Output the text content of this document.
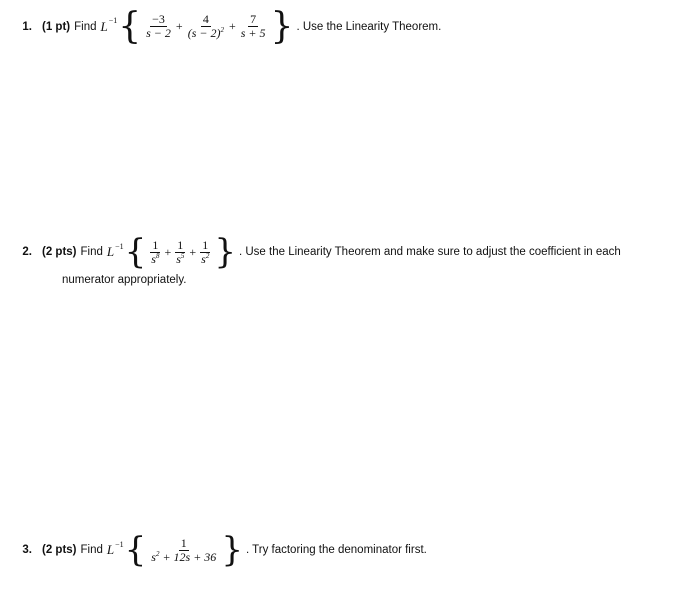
1. (1 pt) Find L −1 { $\frac{-3}{s - 2} + \frac{4}{(s - 2)^2} + \frac{7}{s + 5}$ } . Use the Linearity Theorem.
2. (2 pts) Find L −1 { $\frac{1}{s^8} + \frac{1}{s^5} + \frac{1}{s^2}$ } . Use the Linearity Theorem and make sure to adjust the coefficient in each
numerator appropriately.
3. (2 pts) Find L −1 { $\frac{1}{s^2 + 12s + 36}$ } . Try factoring the denominator first.
